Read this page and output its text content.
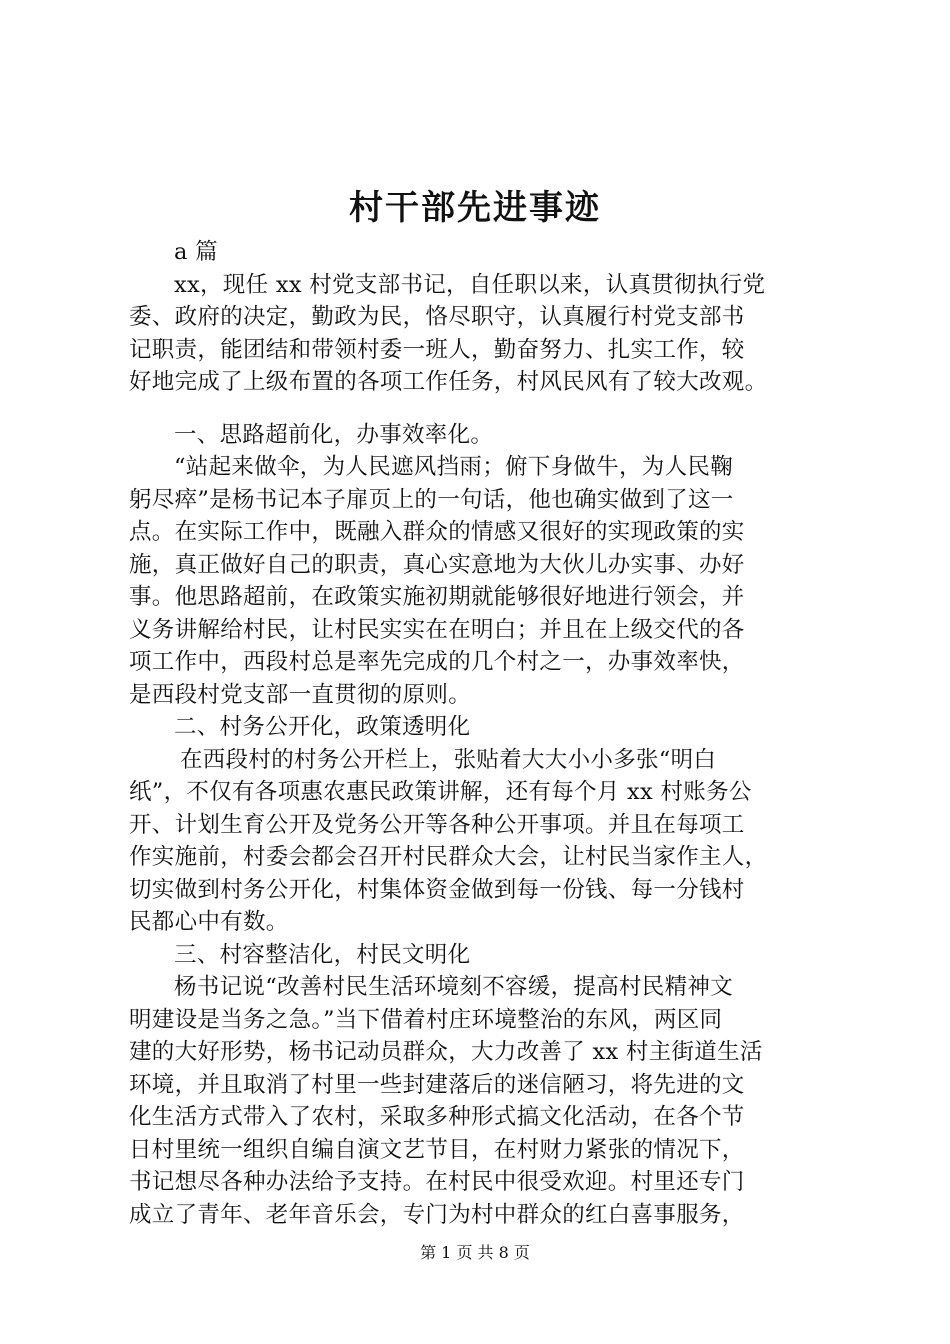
村干部先进事迹
a 篇
xx，现任 xx 村党支部书记，自任职以来，认真贯彻执行党
委、政府的决定，勤政为民，恪尽职守，认真履行村党支部书
记职责，能团结和带领村委一班人，勤奋努力、扎实工作，较
好地完成了上级布置的各项工作任务，村风民风有了较大改观。
一、思路超前化，办事效率化。
“站起来做伞，为人民遮风挡雨；俯下身做牛，为人民鞠
躬尽瘁”是杨书记本子扉页上的一句话，他也确实做到了这一
点。在实际工作中，既融入群众的情感又很好的实现政策的实
施，真正做好自己的职责，真心实意地为大伙儿办实事、办好
事。他思路超前，在政策实施初期就能够很好地进行领会，并
义务讲解给村民，让村民实实在在明白；并且在上级交代的各
项工作中，西段村总是率先完成的几个村之一，办事效率快，
是西段村党支部一直贯彻的原则。
二、村务公开化，政策透明化
在西段村的村务公开栏上，张贴着大大小小多张“明白
纸”，不仅有各项惠农惠民政策讲解，还有每个月 xx 村账务公
开、计划生育公开及党务公开等各种公开事项。并且在每项工
作实施前，村委会都会召开村民群众大会，让村民当家作主人，
切实做到村务公开化，村集体资金做到每一份钱、每一分钱村
民都心中有数。
三、村容整洁化，村民文明化
杨书记说“改善村民生活环境刻不容缓，提高村民精神文
明建设是当务之急。”当下借着村庄环境整治的东风，两区同
建的大好形势，杨书记动员群众，大力改善了 xx 村主街道生活
环境，并且取消了村里一些封建落后的迷信陋习，将先进的文
化生活方式带入了农村，采取多种形式搞文化活动，在各个节
日村里统一组织自编自演文艺节目，在村财力紧张的情况下，
书记想尽各种办法给予支持。在村民中很受欢迎。村里还专门
成立了青年、老年音乐会，专门为村中群众的红白喜事服务，
第 1 页 共 8 页
